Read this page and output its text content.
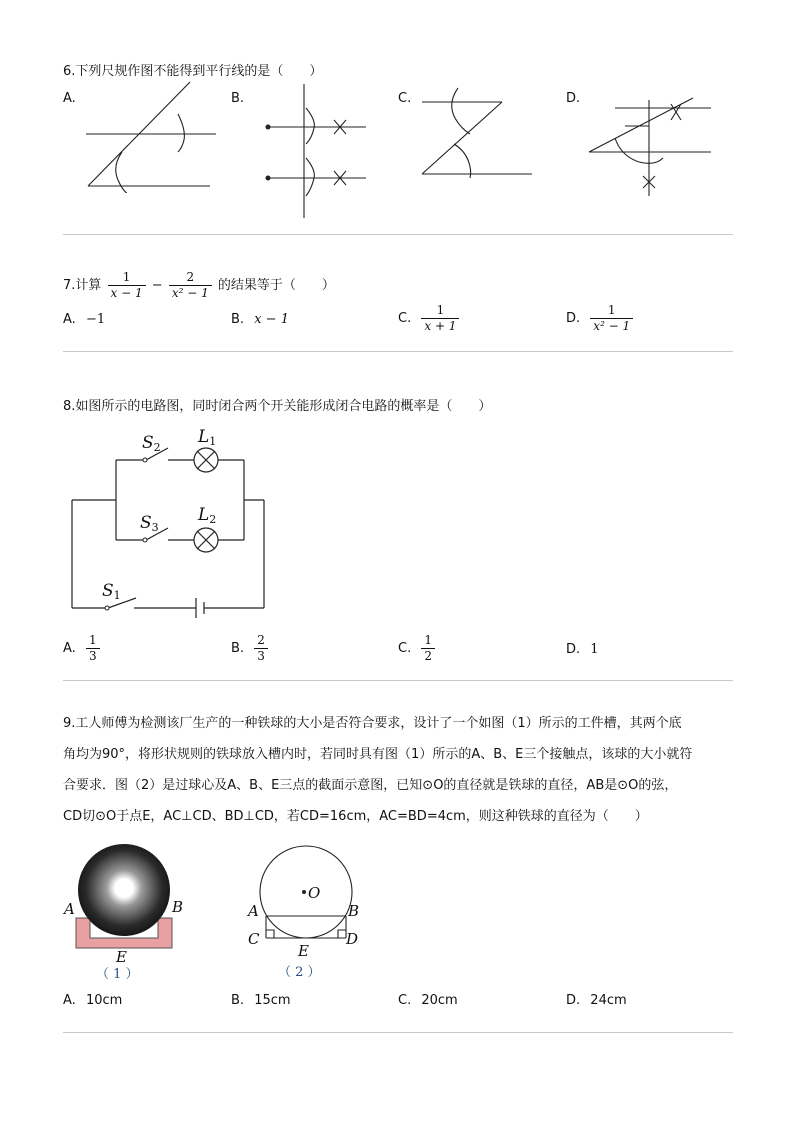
6.下列尺规作图不能得到平行线的是（　　）
A.	B.	C.	D.
7.计算 $\frac{1}{x - 1} - \frac{2}{\text{x² − 1}}$ 的结果等于（　　）
A. −1	B. x − 1	C. $\frac{1}{x + 1}$	D. $\frac{1}{\text{x² − 1}}$
8.如图所示的电路图，同时闭合两个开关能形成闭合电路的概率是（　　）
S2
L1
S3
L2
S1
A. $\frac{1}{3}$	B. $\frac{2}{3}$	C. $\frac{1}{2}$	D. 1
9.工人师傅为检测该厂生产的一种铁球的大小是否符合要求，设计了一个如图（1）所示的工件槽，其两个底
角均为90°，将形状规则的铁球放入槽内时，若同时具有图（1）所示的A、B、E三个接触点，该球的大小就符
合要求．图（2）是过球心及A、B、E三点的截面示意图，已知⊙O的直径就是铁球的直径，AB是⊙O的弦，
CD切⊙O于点E，AC⊥CD、BD⊥CD，若CD=16cm，AC=BD=4cm，则这种铁球的直径为（　　）
A	B
E
（ 1 ）
O
A	B
C	D
E
（ 2 ）
A. 10cm	B. 15cm	C. 20cm	D. 24cm
